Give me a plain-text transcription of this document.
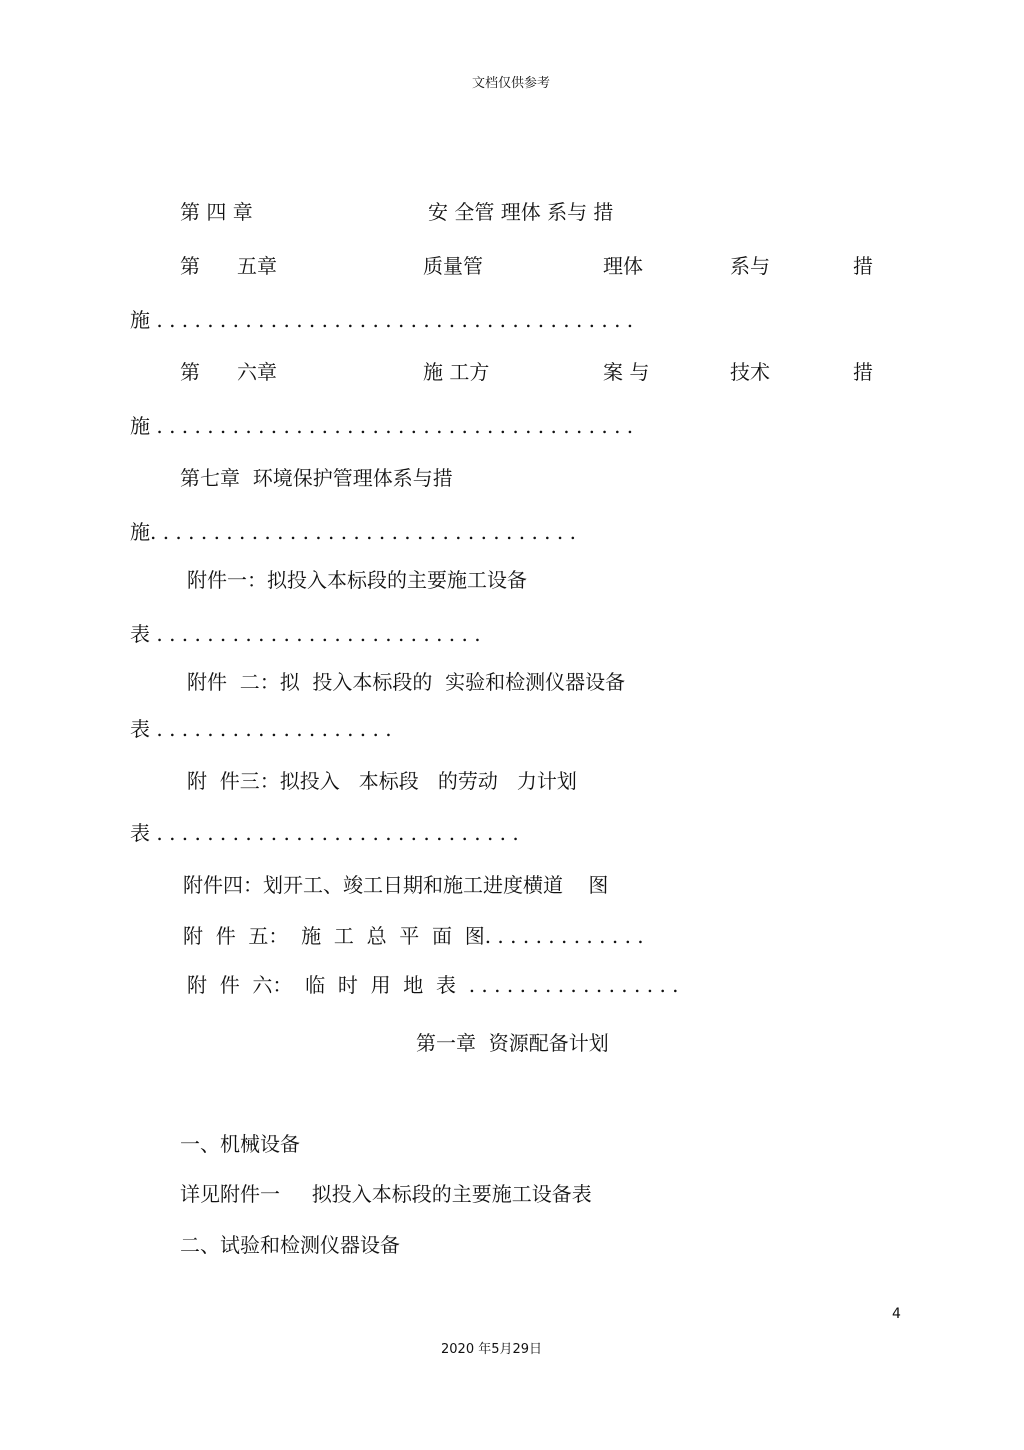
文档仅供参考
第 四 章	安 全管 理体 系与 措
第 五章	质量管	理体	系与	措
施 . . . . . . . . . . . . . . . . . . . . . . . . . . . . . . . . . . . . . .
第 六章	施 工方	案 与	技术	措
施 . . . . . . . . . . . . . . . . . . . . . . . . . . . . . . . . . . . . . .
第七章  环境保护管理体系与措
施. . . . . . . . . . . . . . . . . . . . . . . . . . . . . . . . . .
附件一：拟投入本标段的主要施工设备
表 . . . . . . . . . . . . . . . . . . . . . . . . . .
附件  二：拟  投入本标段的  实验和检测仪器设备
表 . . . . . . . . . . . . . . . . . . .
附  件三：拟投入   本标段   的劳动   力计划
表 . . . . . . . . . . . . . . . . . . . . . . . . . . . . .
附件四：划开工、竣工日期和施工进度横道    图
附  件  五：  施  工  总  平  面  图. . . . . . . . . . . . .
附  件  六：  临  时  用  地  表  . . . . . . . . . . . . . . . . .
第一章  资源配备计划
一、机械设备
详见附件一     拟投入本标段的主要施工设备表
二、试验和检测仪器设备
4
2020 年5月29日
